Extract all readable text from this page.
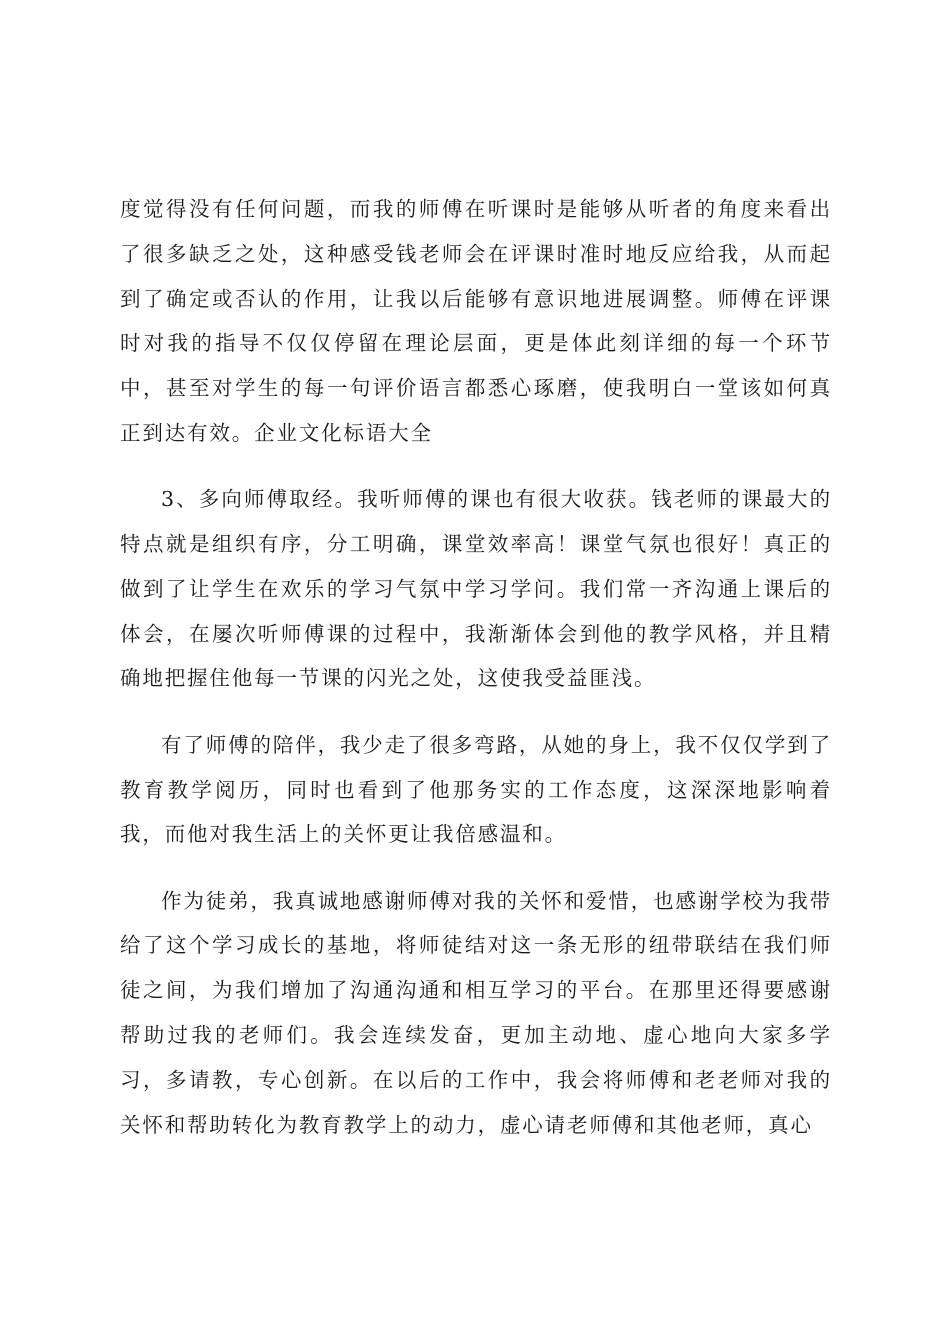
度觉得没有任何问题，而我的师傅在听课时是能够从听者的角度来看出了很多缺乏之处，这种感受钱老师会在评课时准时地反应给我，从而起到了确定或否认的作用，让我以后能够有意识地进展调整。师傅在评课时对我的指导不仅仅停留在理论层面，更是体此刻详细的每一个环节中，甚至对学生的每一句评价语言都悉心琢磨，使我明白一堂该如何真正到达有效。企业文化标语大全

3、多向师傅取经。我听师傅的课也有很大收获。钱老师的课最大的特点就是组织有序，分工明确，课堂效率高！课堂气氛也很好！真正的做到了让学生在欢乐的学习气氛中学习学问。我们常一齐沟通上课后的体会，在屡次听师傅课的过程中，我渐渐体会到他的教学风格，并且精确地把握住他每一节课的闪光之处，这使我受益匪浅。

有了师傅的陪伴，我少走了很多弯路，从她的身上，我不仅仅学到了教育教学阅历，同时也看到了他那务实的工作态度，这深深地影响着我，而他对我生活上的关怀更让我倍感温和。

作为徒弟，我真诚地感谢师傅对我的关怀和爱惜，也感谢学校为我带给了这个学习成长的基地，将师徒结对这一条无形的纽带联结在我们师徒之间，为我们增加了沟通沟通和相互学习的平台。在那里还得要感谢帮助过我的老师们。我会连续发奋，更加主动地、虚心地向大家多学习，多请教，专心创新。在以后的工作中，我会将师傅和老老师对我的关怀和帮助转化为教育教学上的动力，虚心请老师傅和其他老师，真心
